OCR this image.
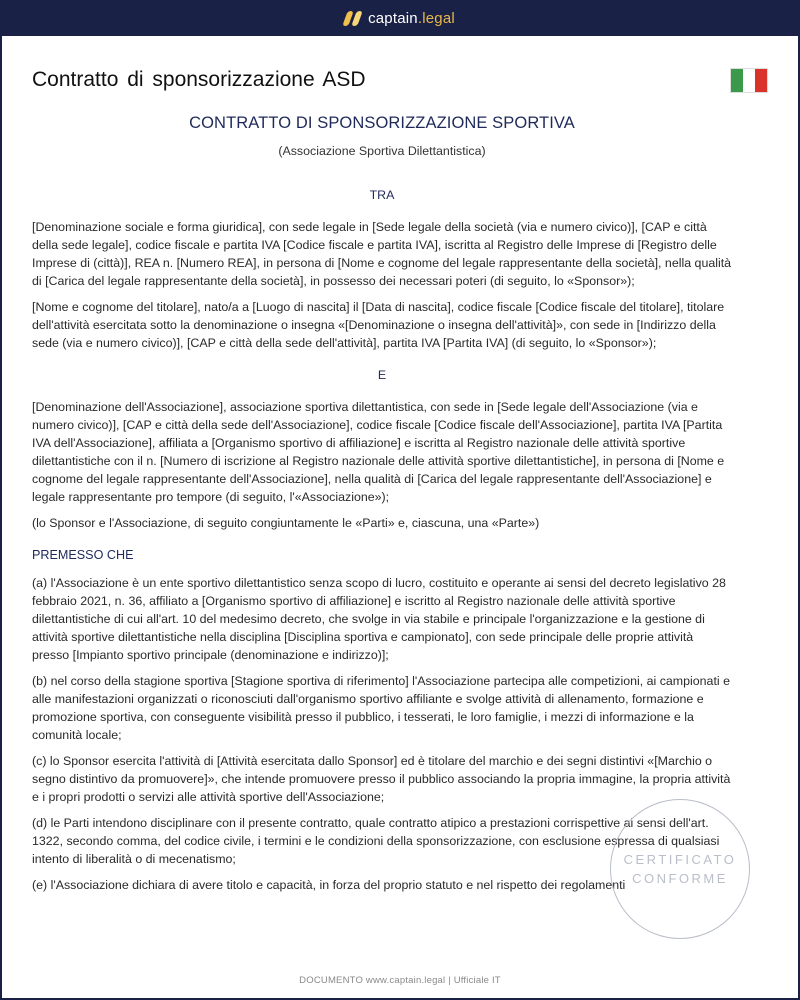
captain.legal
Contratto di sponsorizzazione ASD
CONTRATTO DI SPONSORIZZAZIONE SPORTIVA
(Associazione Sportiva Dilettantistica)
TRA

[Denominazione sociale e forma giuridica], con sede legale in [Sede legale della società (via e numero civico)], [CAP e città della sede legale], codice fiscale e partita IVA [Codice fiscale e partita IVA], iscritta al Registro delle Imprese di [Registro delle Imprese di (città)], REA n. [Numero REA], in persona di [Nome e cognome del legale rappresentante della società], nella qualità di [Carica del legale rappresentante della società], in possesso dei necessari poteri (di seguito, lo «Sponsor»);

[Nome e cognome del titolare], nato/a a [Luogo di nascita] il [Data di nascita], codice fiscale [Codice fiscale del titolare], titolare dell'attività esercitata sotto la denominazione o insegna «[Denominazione o insegna dell'attività]», con sede in [Indirizzo della sede (via e numero civico)], [CAP e città della sede dell'attività], partita IVA [Partita IVA] (di seguito, lo «Sponsor»);

E

[Denominazione dell'Associazione], associazione sportiva dilettantistica, con sede in [Sede legale dell'Associazione (via e numero civico)], [CAP e città della sede dell'Associazione], codice fiscale [Codice fiscale dell'Associazione], partita IVA [Partita IVA dell'Associazione], affiliata a [Organismo sportivo di affiliazione] e iscritta al Registro nazionale delle attività sportive dilettantistiche con il n. [Numero di iscrizione al Registro nazionale delle attività sportive dilettantistiche], in persona di [Nome e cognome del legale rappresentante dell'Associazione], nella qualità di [Carica del legale rappresentante dell'Associazione] e legale rappresentante pro tempore (di seguito, l'«Associazione»);

(lo Sponsor e l'Associazione, di seguito congiuntamente le «Parti» e, ciascuna, una «Parte»)

PREMESSO CHE

(a) l'Associazione è un ente sportivo dilettantistico senza scopo di lucro, costituito e operante ai sensi del decreto legislativo 28 febbraio 2021, n. 36, affiliato a [Organismo sportivo di affiliazione] e iscritto al Registro nazionale delle attività sportive dilettantistiche di cui all'art. 10 del medesimo decreto, che svolge in via stabile e principale l'organizzazione e la gestione di attività sportive dilettantistiche nella disciplina [Disciplina sportiva e campionato], con sede principale delle proprie attività presso [Impianto sportivo principale (denominazione e indirizzo)];

(b) nel corso della stagione sportiva [Stagione sportiva di riferimento] l'Associazione partecipa alle competizioni, ai campionati e alle manifestazioni organizzati o riconosciuti dall'organismo sportivo affiliante e svolge attività di allenamento, formazione e promozione sportiva, con conseguente visibilità presso il pubblico, i tesserati, le loro famiglie, i mezzi di informazione e la comunità locale;

(c) lo Sponsor esercita l'attività di [Attività esercitata dallo Sponsor] ed è titolare del marchio e dei segni distintivi «[Marchio o segno distintivo da promuovere]», che intende promuovere presso il pubblico associando la propria immagine, la propria attività e i propri prodotti o servizi alle attività sportive dell'Associazione;

(d) le Parti intendono disciplinare con il presente contratto, quale contratto atipico a prestazioni corrispettive ai sensi dell'art. 1322, secondo comma, del codice civile, i termini e le condizioni della sponsorizzazione, con esclusione espressa di qualsiasi intento di liberalità o di mecenatismo;

(e) l'Associazione dichiara di avere titolo e capacità, in forza del proprio statuto e nel rispetto dei regolamenti

CERTIFICATO
CONFORME
DOCUMENTO www.captain.legal | Ufficiale IT
